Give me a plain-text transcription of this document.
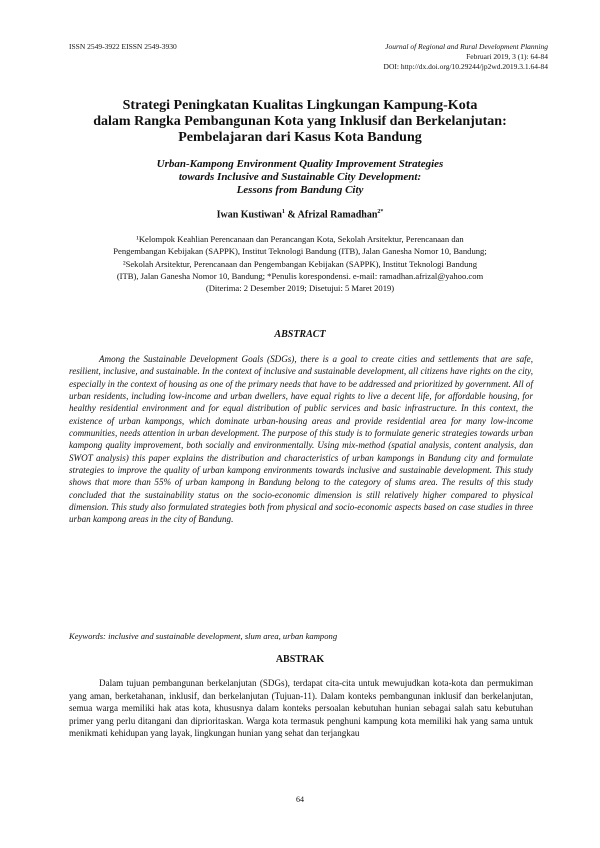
ISSN 2549-3922 EISSN 2549-3930	Journal of Regional and Rural Development Planning
Februari 2019, 3 (1): 64-84
DOI: http://dx.doi.org/10.29244/jp2wd.2019.3.1.64-84
Strategi Peningkatan Kualitas Lingkungan Kampung-Kota
dalam Rangka Pembangunan Kota yang Inklusif dan Berkelanjutan:
Pembelajaran dari Kasus Kota Bandung
Urban-Kampong Environment Quality Improvement Strategies
towards Inclusive and Sustainable City Development:
Lessons from Bandung City
Iwan Kustiwan$^1$ & Afrizal Ramadhan$^{2*}$
¹Kelompok Keahlian Perencanaan dan Perancangan Kota, Sekolah Arsitektur, Perencanaan dan
Pengembangan Kebijakan (SAPPK), Institut Teknologi Bandung (ITB), Jalan Ganesha Nomor 10, Bandung;
²Sekolah Arsitektur, Perencanaan dan Pengembangan Kebijakan (SAPPK), Institut Teknologi Bandung
(ITB), Jalan Ganesha Nomor 10, Bandung; *Penulis korespondensi. e-mail: ramadhan.afrizal@yahoo.com
(Diterima: 2 Desember 2019; Disetujui: 5 Maret 2019)
ABSTRACT

Among the Sustainable Development Goals (SDGs), there is a goal to create cities and settlements that are safe, resilient, inclusive, and sustainable. In the context of inclusive and sustainable development, all citizens have rights on the city, especially in the context of housing as one of the primary needs that have to be addressed and prioritized by government. All of urban residents, including low-income and urban dwellers, have equal rights to live a decent life, for affordable housing, for healthy residential environment and for equal distribution of public services and basic infrastructure. In this context, the existence of urban kampongs, which dominate urban-housing areas and provide residential area for many low-income communities, needs attention in urban development. The purpose of this study is to formulate generic strategies towards urban kampong quality improvement, both socially and environmentally. Using mix-method (spatial analysis, content analysis, dan SWOT analysis) this paper explains the distribution and characteristics of urban kampongs in Bandung city and formulate strategies to improve the quality of urban kampong environments towards inclusive and sustainable development. This study shows that more than 55% of urban kampong in Bandung belong to the category of slums area. The results of this study concluded that the sustainability status on the socio-economic dimension is still relatively higher compared to physical dimension. This study also formulated strategies both from physical and socio-economic aspects based on case studies in three urban kampong areas in the city of Bandung.

Keywords: inclusive and sustainable development, slum area, urban kampong
ABSTRAK

Dalam tujuan pembangunan berkelanjutan (SDGs), terdapat cita-cita untuk mewujudkan kota-kota dan permukiman yang aman, berketahanan, inklusif, dan berkelanjutan (Tujuan-11). Dalam konteks pembangunan inklusif dan berkelanjutan, semua warga memiliki hak atas kota, khususnya dalam konteks persoalan kebutuhan hunian sebagai salah satu kebutuhan primer yang perlu ditangani dan diprioritaskan. Warga kota termasuk penghuni kampung kota memiliki hak yang sama untuk menikmati kehidupan yang layak, lingkungan hunian yang sehat dan terjangkau

64
